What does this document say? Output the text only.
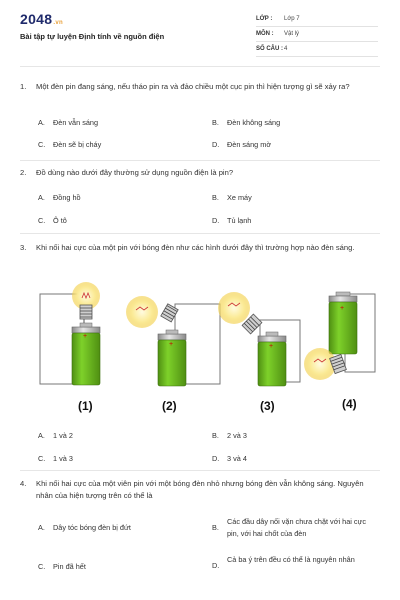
2048.vn
Bài tập tự luyện Định tính về nguồn điện
LỚP : Lớp 7
MÔN : Vật lý
SỐ CÂU : 4
1. Một đèn pin đang sáng, nếu tháo pin ra và đảo chiều một cục pin thì hiện tượng gì sẽ xảy ra?
A. Đèn vẫn sáng	B. Đèn không sáng
C. Đèn sẽ bị cháy	D. Đèn sáng mờ
2. Đồ dùng nào dưới đây thường sử dụng nguồn điện là pin?
A. Đồng hồ	B. Xe máy
C. Ô tô	D. Tủ lạnh
3. Khi nối hai cực của một pin với bóng đèn như các hình dưới đây thì trường hợp nào đèn sáng.
+
+	+
+
(1)	(2)	(3)	(4)
A. 1 và 2	B. 2 và 3
C. 1 và 3	D. 3 và 4
4. Khi nối hai cực của một viên pin với một bóng đèn nhỏ nhưng bóng đèn vẫn không sáng. Nguyên nhân của hiện tượng trên có thể là
A. Dây tóc bóng đèn bị đứt	B.
Các đầu dây nối vặn chưa chặt với hai cực pin, với hai chốt của đèn
C. Pin đã hết	D.
Cả ba ý trên đều có thể là nguyên nhân
